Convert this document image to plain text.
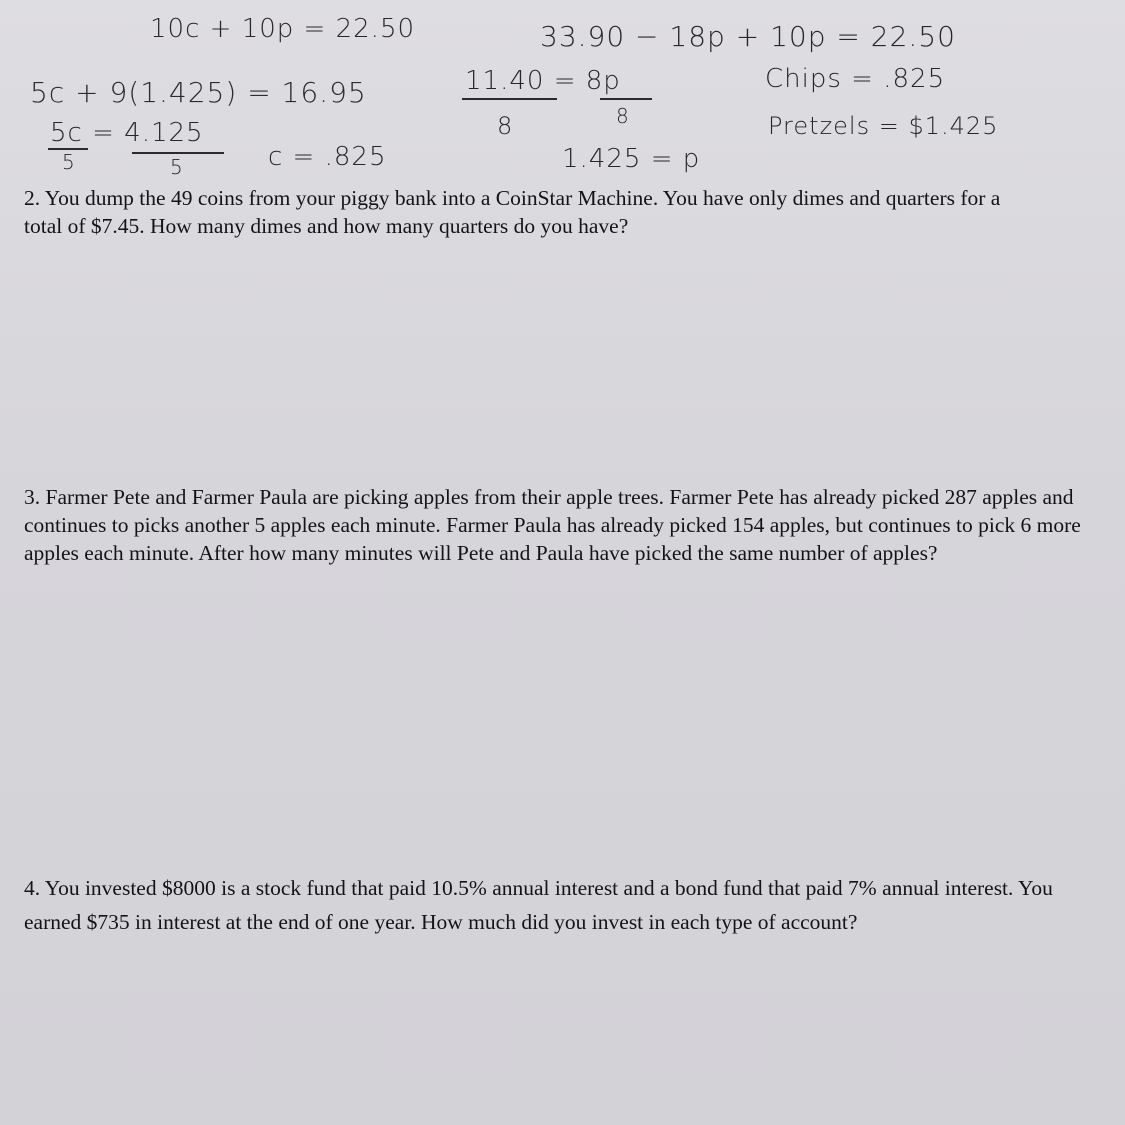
10c + 10p = 22.50	33.90 − 18p + 10p = 22.50
5c + 9(1.425) = 16.95	11.40 = 8p
8	8
Chips = .825
5c = 4.125
5	5
Pretzels = $1.425
c = .825	1.425 = p

2. You dump the 49 coins from your piggy bank into a CoinStar Machine. You have only dimes and quarters for a total of $7.45. How many dimes and how many quarters do you have?

3. Farmer Pete and Farmer Paula are picking apples from their apple trees. Farmer Pete has already picked 287 apples and continues to picks another 5 apples each minute. Farmer Paula has already picked 154 apples, but continues to pick 6 more apples each minute. After how many minutes will Pete and Paula have picked the same number of apples?

4. You invested $8000 is a stock fund that paid 10.5% annual interest and a bond fund that paid 7% annual interest. You earned $735 in interest at the end of one year. How much did you invest in each type of account?
